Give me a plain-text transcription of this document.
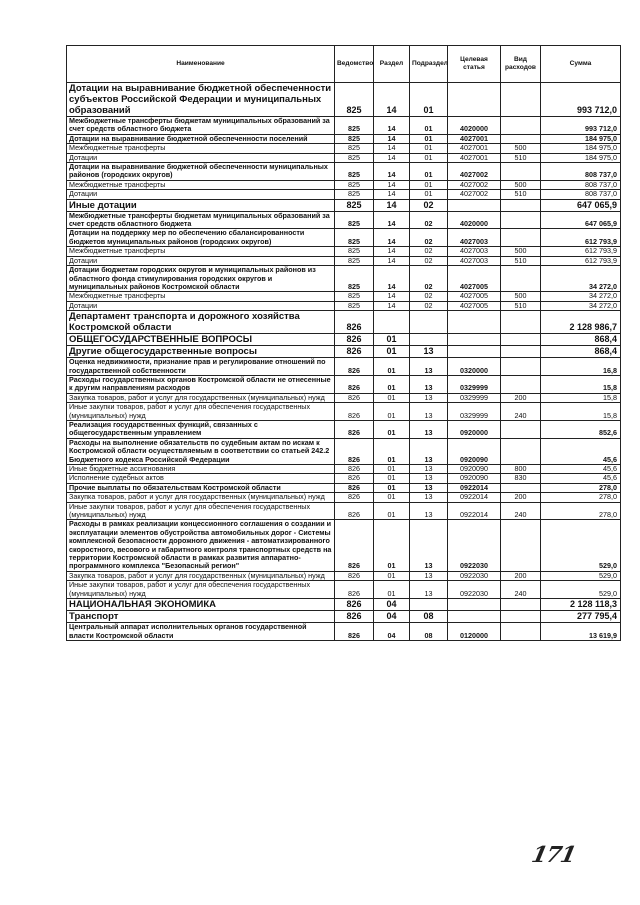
Наименование	Ведомство	Раздел	Подраздел	Целевая статья	Вид расходов	Сумма
Дотации на выравнивание бюджетной обеспеченности субъектов Российской Федерации и муниципальных образований	825	14	01			993 712,0
Межбюджетные трансферты бюджетам муниципальных образований за счет средств областного бюджета	825	14	01	4020000		993 712,0
Дотации на выравнивание бюджетной обеспеченности поселений	825	14	01	4027001		184 975,0
Межбюджетные трансферты	825	14	01	4027001	500	184 975,0
Дотации	825	14	01	4027001	510	184 975,0
Дотации на выравнивание бюджетной обеспеченности муниципальных районов (городских округов)	825	14	01	4027002		808 737,0
Межбюджетные трансферты	825	14	01	4027002	500	808 737,0
Дотации	825	14	01	4027002	510	808 737,0
Иные дотации	825	14	02			647 065,9
Межбюджетные трансферты бюджетам муниципальных образований за счет средств областного бюджета	825	14	02	4020000		647 065,9
Дотации на поддержку мер по обеспечению сбалансированности бюджетов муниципальных районов (городских округов)	825	14	02	4027003		612 793,9
Межбюджетные трансферты	825	14	02	4027003	500	612 793,9
Дотации	825	14	02	4027003	510	612 793,9
Дотации бюджетам городских округов и муниципальных районов из областного фонда стимулирования городских округов и муниципальных районов Костромской области	825	14	02	4027005		34 272,0
Межбюджетные трансферты	825	14	02	4027005	500	34 272,0
Дотации	825	14	02	4027005	510	34 272,0
Департамент транспорта и дорожного хозяйства Костромской области	826					2 128 986,7
ОБЩЕГОСУДАРСТВЕННЫЕ ВОПРОСЫ	826	01				868,4
Другие общегосударственные вопросы	826	01	13			868,4
Оценка недвижимости, признание прав и регулирование отношений по государственной собственности	826	01	13	0320000		16,8
Расходы государственных органов Костромской области не отнесенные к другим направлениям расходов	826	01	13	0329999		15,8
Закупка товаров, работ и услуг для государственных (муниципальных) нужд	826	01	13	0329999	200	15,8
Иные закупки товаров, работ и услуг для обеспечения государственных (муниципальных) нужд	826	01	13	0329999	240	15,8
Реализация государственных функций, связанных с общегосударственным управлением	826	01	13	0920000		852,6
Расходы на выполнение обязательств по судебным актам по искам к Костромской области осуществляемым в соответствии со статьей 242.2 Бюджетного кодекса Российской Федерации	826	01	13	0920090		45,6
Иные бюджетные ассигнования	826	01	13	0920090	800	45,6
Исполнение судебных актов	826	01	13	0920090	830	45,6
Прочие выплаты по обязательствам Костромской области	826	01	13	0922014		278,0
Закупка товаров, работ и услуг для государственных (муниципальных) нужд	826	01	13	0922014	200	278,0
Иные закупки товаров, работ и услуг для обеспечения государственных (муниципальных) нужд	826	01	13	0922014	240	278,0
Расходы в рамках реализации концессионного соглашения о создании и эксплуатации элементов обустройства автомобильных дорог - Системы комплексной безопасности дорожного движения - автоматизированного скоростного, весового и габаритного контроля транспортных средств на территории Костромской области в рамках развития аппаратно-программного комплекса "Безопасный регион"	826	01	13	0922030		529,0
Закупка товаров, работ и услуг для государственных (муниципальных) нужд	826	01	13	0922030	200	529,0
Иные закупки товаров, работ и услуг для обеспечения государственных (муниципальных) нужд	826	01	13	0922030	240	529,0
НАЦИОНАЛЬНАЯ ЭКОНОМИКА	826	04				2 128 118,3
Транспорт	826	04	08			277 795,4
Центральный аппарат исполнительных органов государственной власти Костромской области	826	04	08	0120000		13 619,9
171
